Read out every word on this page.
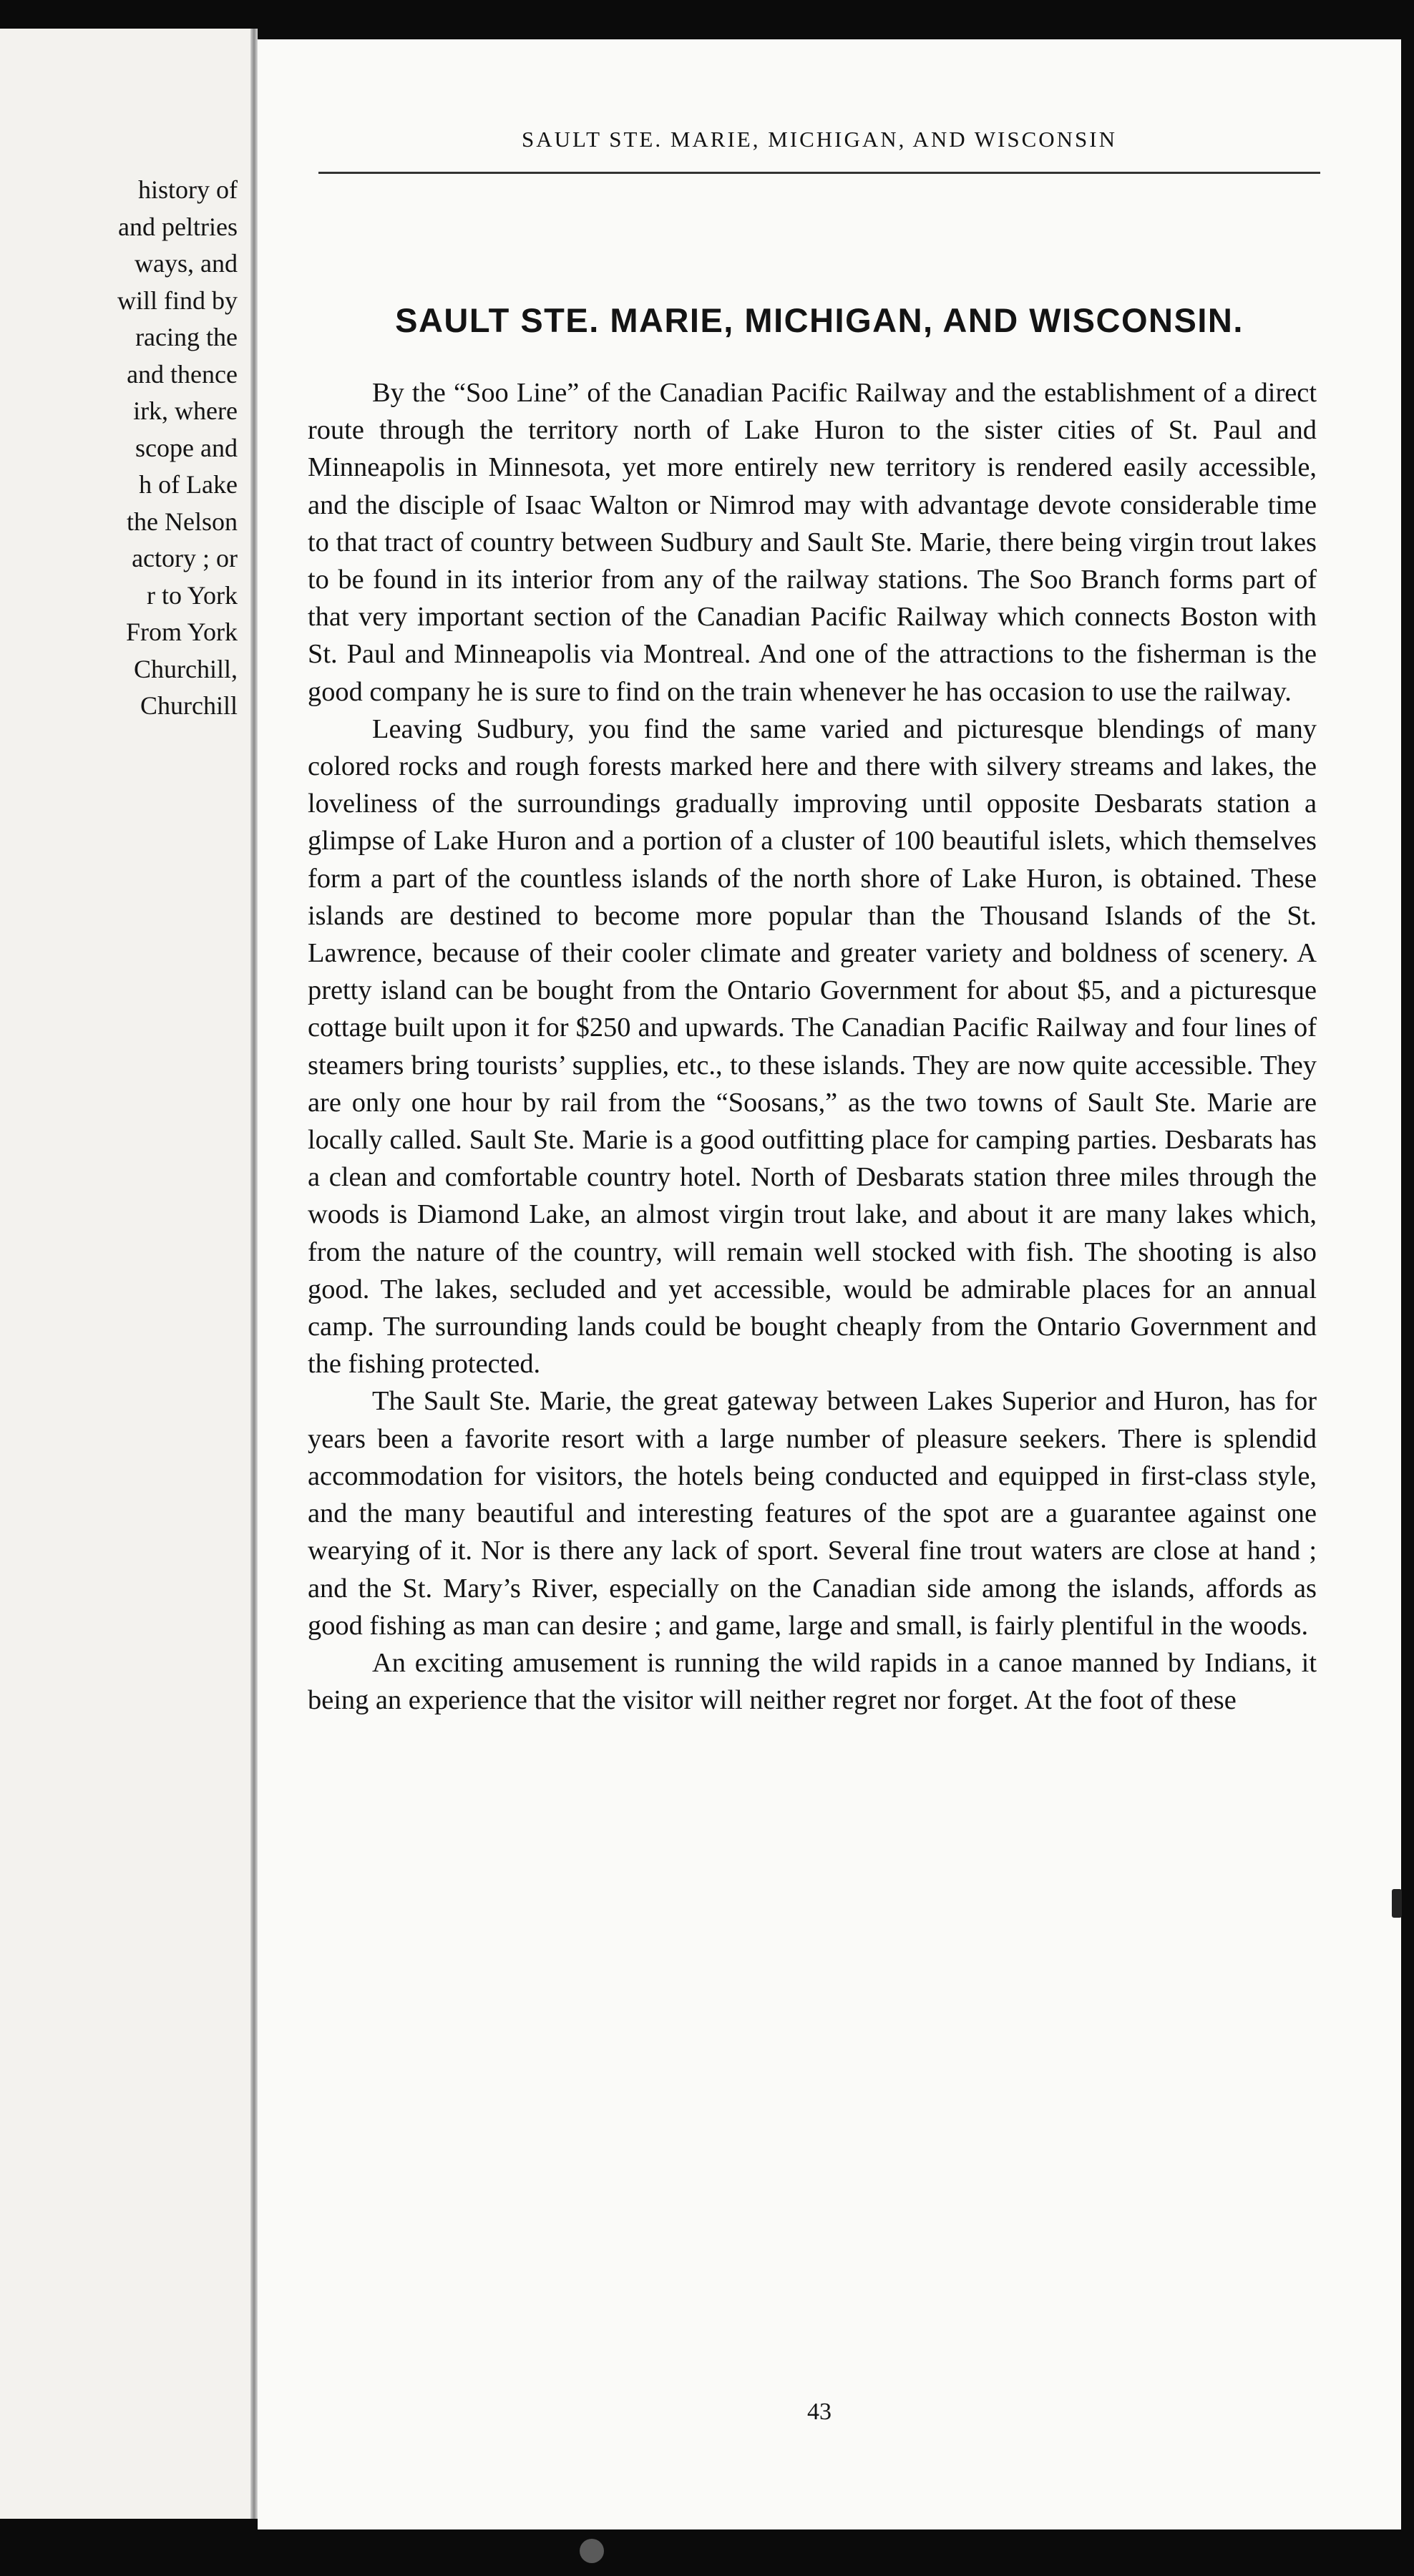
history of
and peltries
ways, and
will find by
racing the
and thence
irk, where
scope and
h of Lake
the Nelson
actory ; or
r to York
From York
Churchill,
Churchill
SAULT STE. MARIE, MICHIGAN, AND WISCONSIN
SAULT STE. MARIE, MICHIGAN, AND WISCONSIN.

By the “Soo Line” of the Canadian Pacific Railway and the establishment of a direct route through the territory north of Lake Huron to the sister cities of St. Paul and Minneapolis in Minnesota, yet more entirely new territory is rendered easily accessible, and the disciple of Isaac Walton or Nimrod may with advantage devote considerable time to that tract of country between Sudbury and Sault Ste. Marie, there being virgin trout lakes to be found in its interior from any of the railway stations. The Soo Branch forms part of that very important section of the Canadian Pacific Railway which connects Boston with St. Paul and Minneapolis via Montreal. And one of the attractions to the fisherman is the good company he is sure to find on the train whenever he has occasion to use the railway.

Leaving Sudbury, you find the same varied and picturesque blendings of many colored rocks and rough forests marked here and there with silvery streams and lakes, the loveliness of the surroundings gradually improving until opposite Desbarats station a glimpse of Lake Huron and a portion of a cluster of 100 beautiful islets, which themselves form a part of the countless islands of the north shore of Lake Huron, is obtained. These islands are destined to become more popular than the Thousand Islands of the St. Lawrence, because of their cooler climate and greater variety and boldness of scenery. A pretty island can be bought from the Ontario Government for about $5, and a picturesque cottage built upon it for $250 and upwards. The Canadian Pacific Railway and four lines of steamers bring tourists’ supplies, etc., to these islands. They are now quite accessible. They are only one hour by rail from the “Soosans,” as the two towns of Sault Ste. Marie are locally called. Sault Ste. Marie is a good outfitting place for camping parties. Desbarats has a clean and comfortable country hotel. North of Desbarats station three miles through the woods is Diamond Lake, an almost virgin trout lake, and about it are many lakes which, from the nature of the country, will remain well stocked with fish. The shooting is also good. The lakes, secluded and yet accessible, would be admirable places for an annual camp. The surrounding lands could be bought cheaply from the Ontario Government and the fishing protected.

The Sault Ste. Marie, the great gateway between Lakes Superior and Huron, has for years been a favorite resort with a large number of pleasure seekers. There is splendid accommodation for visitors, the hotels being conducted and equipped in first-class style, and the many beautiful and interesting features of the spot are a guarantee against one wearying of it. Nor is there any lack of sport. Several fine trout waters are close at hand ; and the St. Mary’s River, especially on the Canadian side among the islands, affords as good fishing as man can desire ; and game, large and small, is fairly plentiful in the woods.

An exciting amusement is running the wild rapids in a canoe manned by Indians, it being an experience that the visitor will neither regret nor forget. At the foot of these

43
